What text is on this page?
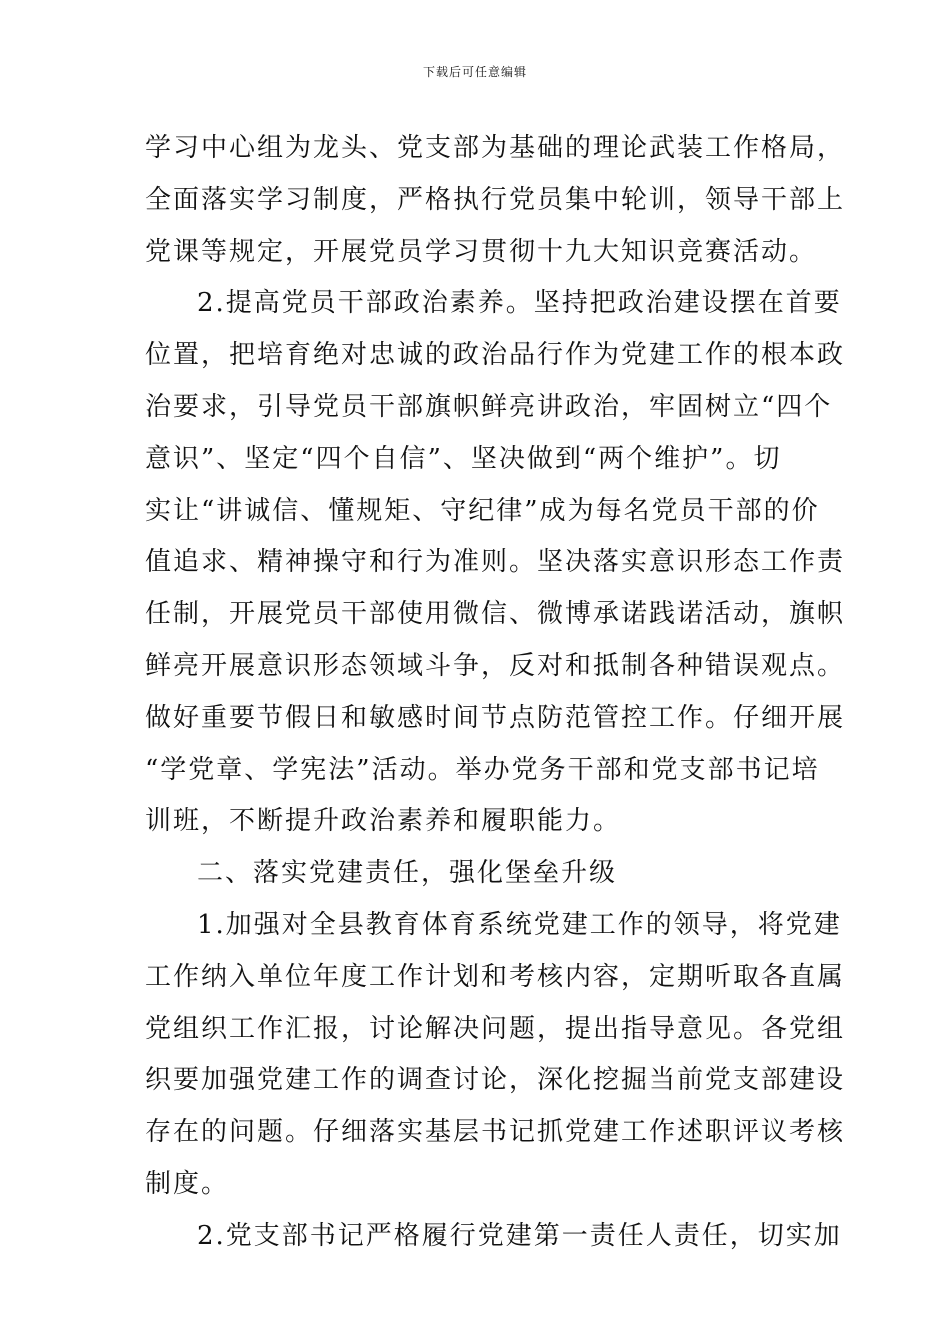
下载后可任意编辑
学习中心组为龙头、党支部为基础的理论武装工作格局，
全面落实学习制度，严格执行党员集中轮训，领导干部上
党课等规定，开展党员学习贯彻十九大知识竞赛活动。
2.提高党员干部政治素养。坚持把政治建设摆在首要
位置，把培育绝对忠诚的政治品行作为党建工作的根本政
治要求，引导党员干部旗帜鲜亮讲政治，牢固树立“四个
意识”、坚定“四个自信”、坚决做到“两个维护”。切
实让“讲诚信、懂规矩、守纪律”成为每名党员干部的价
值追求、精神操守和行为准则。坚决落实意识形态工作责
任制，开展党员干部使用微信、微博承诺践诺活动，旗帜
鲜亮开展意识形态领域斗争，反对和抵制各种错误观点。
做好重要节假日和敏感时间节点防范管控工作。仔细开展
“学党章、学宪法”活动。举办党务干部和党支部书记培
训班，不断提升政治素养和履职能力。
二、落实党建责任，强化堡垒升级
1.加强对全县教育体育系统党建工作的领导，将党建
工作纳入单位年度工作计划和考核内容，定期听取各直属
党组织工作汇报，讨论解决问题，提出指导意见。各党组
织要加强党建工作的调查讨论，深化挖掘当前党支部建设
存在的问题。仔细落实基层书记抓党建工作述职评议考核
制度。
2.党支部书记严格履行党建第一责任人责任，切实加
